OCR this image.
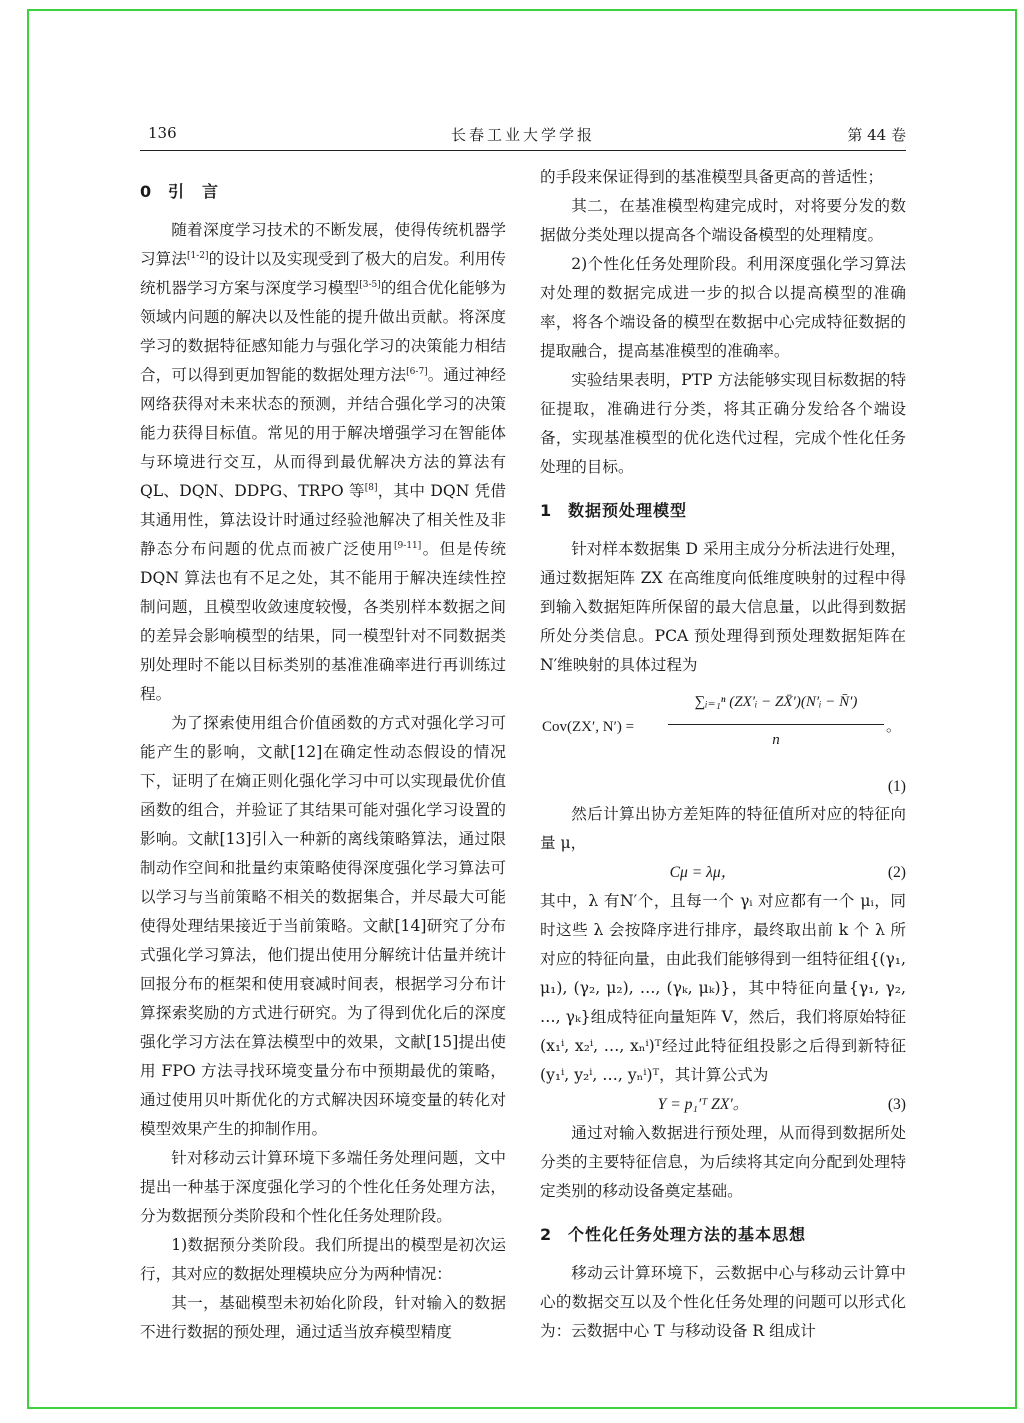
136	长春工业大学学报	第 44 卷
0 引　言

随着深度学习技术的不断发展，使得传统机器学习算法[1-2]的设计以及实现受到了极大的启发。利用传统机器学习方案与深度学习模型[3-5]的组合优化能够为领域内问题的解决以及性能的提升做出贡献。将深度学习的数据特征感知能力与强化学习的决策能力相结合，可以得到更加智能的数据处理方法[6-7]。通过神经网络获得对未来状态的预测，并结合强化学习的决策能力获得目标值。常见的用于解决增强学习在智能体与环境进行交互，从而得到最优解决方法的算法有 QL、DQN、DDPG、TRPO 等[8]，其中 DQN 凭借其通用性，算法设计时通过经验池解决了相关性及非静态分布问题的优点而被广泛使用[9-11]。但是传统 DQN 算法也有不足之处，其不能用于解决连续性控制问题，且模型收敛速度较慢，各类别样本数据之间的差异会影响模型的结果，同一模型针对不同数据类别处理时不能以目标类别的基准准确率进行再训练过程。

为了探索使用组合价值函数的方式对强化学习可能产生的影响，文献[12]在确定性动态假设的情况下，证明了在熵正则化强化学习中可以实现最优价值函数的组合，并验证了其结果可能对强化学习设置的影响。文献[13]引入一种新的离线策略算法，通过限制动作空间和批量约束策略使得深度强化学习算法可以学习与当前策略不相关的数据集合，并尽最大可能使得处理结果接近于当前策略。文献[14]研究了分布式强化学习算法，他们提出使用分解统计估量并统计回报分布的框架和使用衰减时间表，根据学习分布计算探索奖励的方式进行研究。为了得到优化后的深度强化学习方法在算法模型中的效果，文献[15]提出使用 FPO 方法寻找环境变量分布中预期最优的策略，通过使用贝叶斯优化的方式解决因环境变量的转化对模型效果产生的抑制作用。

针对移动云计算环境下多端任务处理问题，文中提出一种基于深度强化学习的个性化任务处理方法，分为数据预分类阶段和个性化任务处理阶段。

1)数据预分类阶段。我们所提出的模型是初次运行，其对应的数据处理模块应分为两种情况：

其一，基础模型未初始化阶段，针对输入的数据不进行数据的预处理，通过适当放弃模型精度

的手段来保证得到的基准模型具备更高的普适性；

其二，在基准模型构建完成时，对将要分发的数据做分类处理以提高各个端设备模型的处理精度。

2)个性化任务处理阶段。利用深度强化学习算法对处理的数据完成进一步的拟合以提高模型的准确率，将各个端设备的模型在数据中心完成特征数据的提取融合，提高基准模型的准确率。

实验结果表明，PTP 方法能够实现目标数据的特征提取，准确进行分类，将其正确分发给各个端设备，实现基准模型的优化迭代过程，完成个性化任务处理的目标。

1 数据预处理模型

针对样本数据集 D 采用主成分分析法进行处理，通过数据矩阵 ZX 在高维度向低维度映射的过程中得到输入数据矩阵所保留的最大信息量，以此得到数据所处分类信息。PCA 预处理得到预处理数据矩阵在N′维映射的具体过程为

Cov(ZX′, $N') = \frac{\text{∑ᵢ₌₁ⁿ (ZX′ᵢ − ZX̄′)(N′ᵢ − N̄′)}}{n}$ 。
(1)

然后计算出协方差矩阵的特征值所对应的特征向量 μ，

Cμ = λμ，	(2)

其中，λ 有N′个，且每一个 γᵢ 对应都有一个 μᵢ，同时这些 λ 会按降序进行排序，最终取出前 k 个 λ 所对应的特征向量，由此我们能够得到一组特征组{(γ₁, μ₁), (γ₂, μ₂), …, (γₖ, μₖ)}，其中特征向量{γ₁, γ₂, …, γₖ}组成特征向量矩阵 V，然后，我们将原始特征(x₁ⁱ, x₂ⁱ, …, xₙⁱ)ᵀ经过此特征组投影之后得到新特征(y₁ⁱ, y₂ⁱ, …, yₙⁱ)ᵀ，其计算公式为

Y = p₁′ᵀ ZX′。	(3)

通过对输入数据进行预处理，从而得到数据所处分类的主要特征信息，为后续将其定向分配到处理特定类别的移动设备奠定基础。

2 个性化任务处理方法的基本思想

移动云计算环境下，云数据中心与移动云计算中心的数据交互以及个性化任务处理的问题可以形式化为：云数据中心 T 与移动设备 R 组成计
